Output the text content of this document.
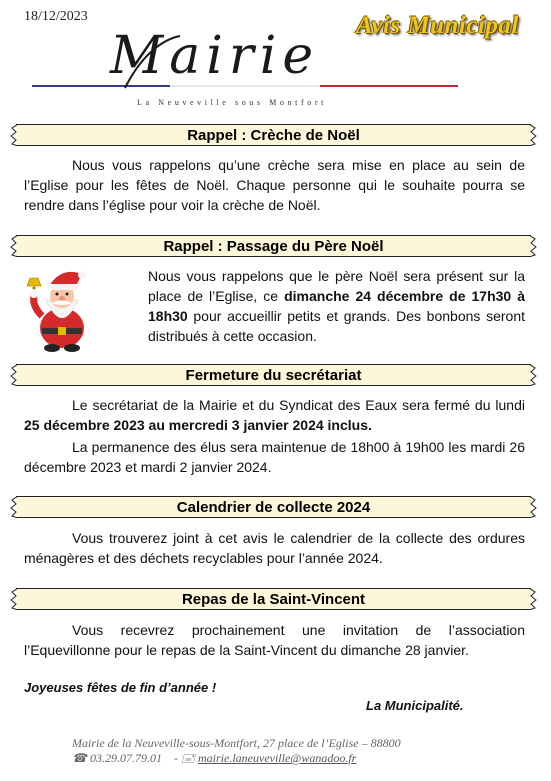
18/12/2023	Avis Municipal
Mairie
La Neuveville sous Montfort
Rappel : Crèche de Noël
Nous vous rappelons qu’une crèche sera mise en place au sein de l’Eglise pour les fêtes de Noël. Chaque personne qui le souhaite pourra se rendre dans l’église pour voir la crèche de Noël.
Rappel : Passage du Père Noël
Nous vous rappelons que le père Noël sera présent sur la place de l’Eglise, ce dimanche 24 décembre de 17h30 à 18h30 pour accueillir petits et grands. Des bonbons seront distribués à cette occasion.
Fermeture du secrétariat
Le secrétariat de la Mairie et du Syndicat des Eaux sera fermé du lundi 25 décembre 2023 au mercredi 3 janvier 2024 inclus.
La permanence des élus sera maintenue de 18h00 à 19h00 les mardi 26 décembre 2023 et mardi 2 janvier 2024.
Calendrier de collecte 2024
Vous trouverez joint à cet avis le calendrier de la collecte des ordures ménagères et des déchets recyclables pour l’année 2024.
Repas de la Saint-Vincent
Vous recevrez prochainement une invitation de l’association l’Equevillonne pour le repas de la Saint-Vincent du dimanche 28 janvier.
Joyeuses fêtes de fin d’année !
La Municipalité.
Mairie de la Neuveville-sous-Montfort, 27 place de l’Eglise – 88800
☎ 03.29.07.79.01 - 🖃 mairie.laneuveville@wanadoo.fr
